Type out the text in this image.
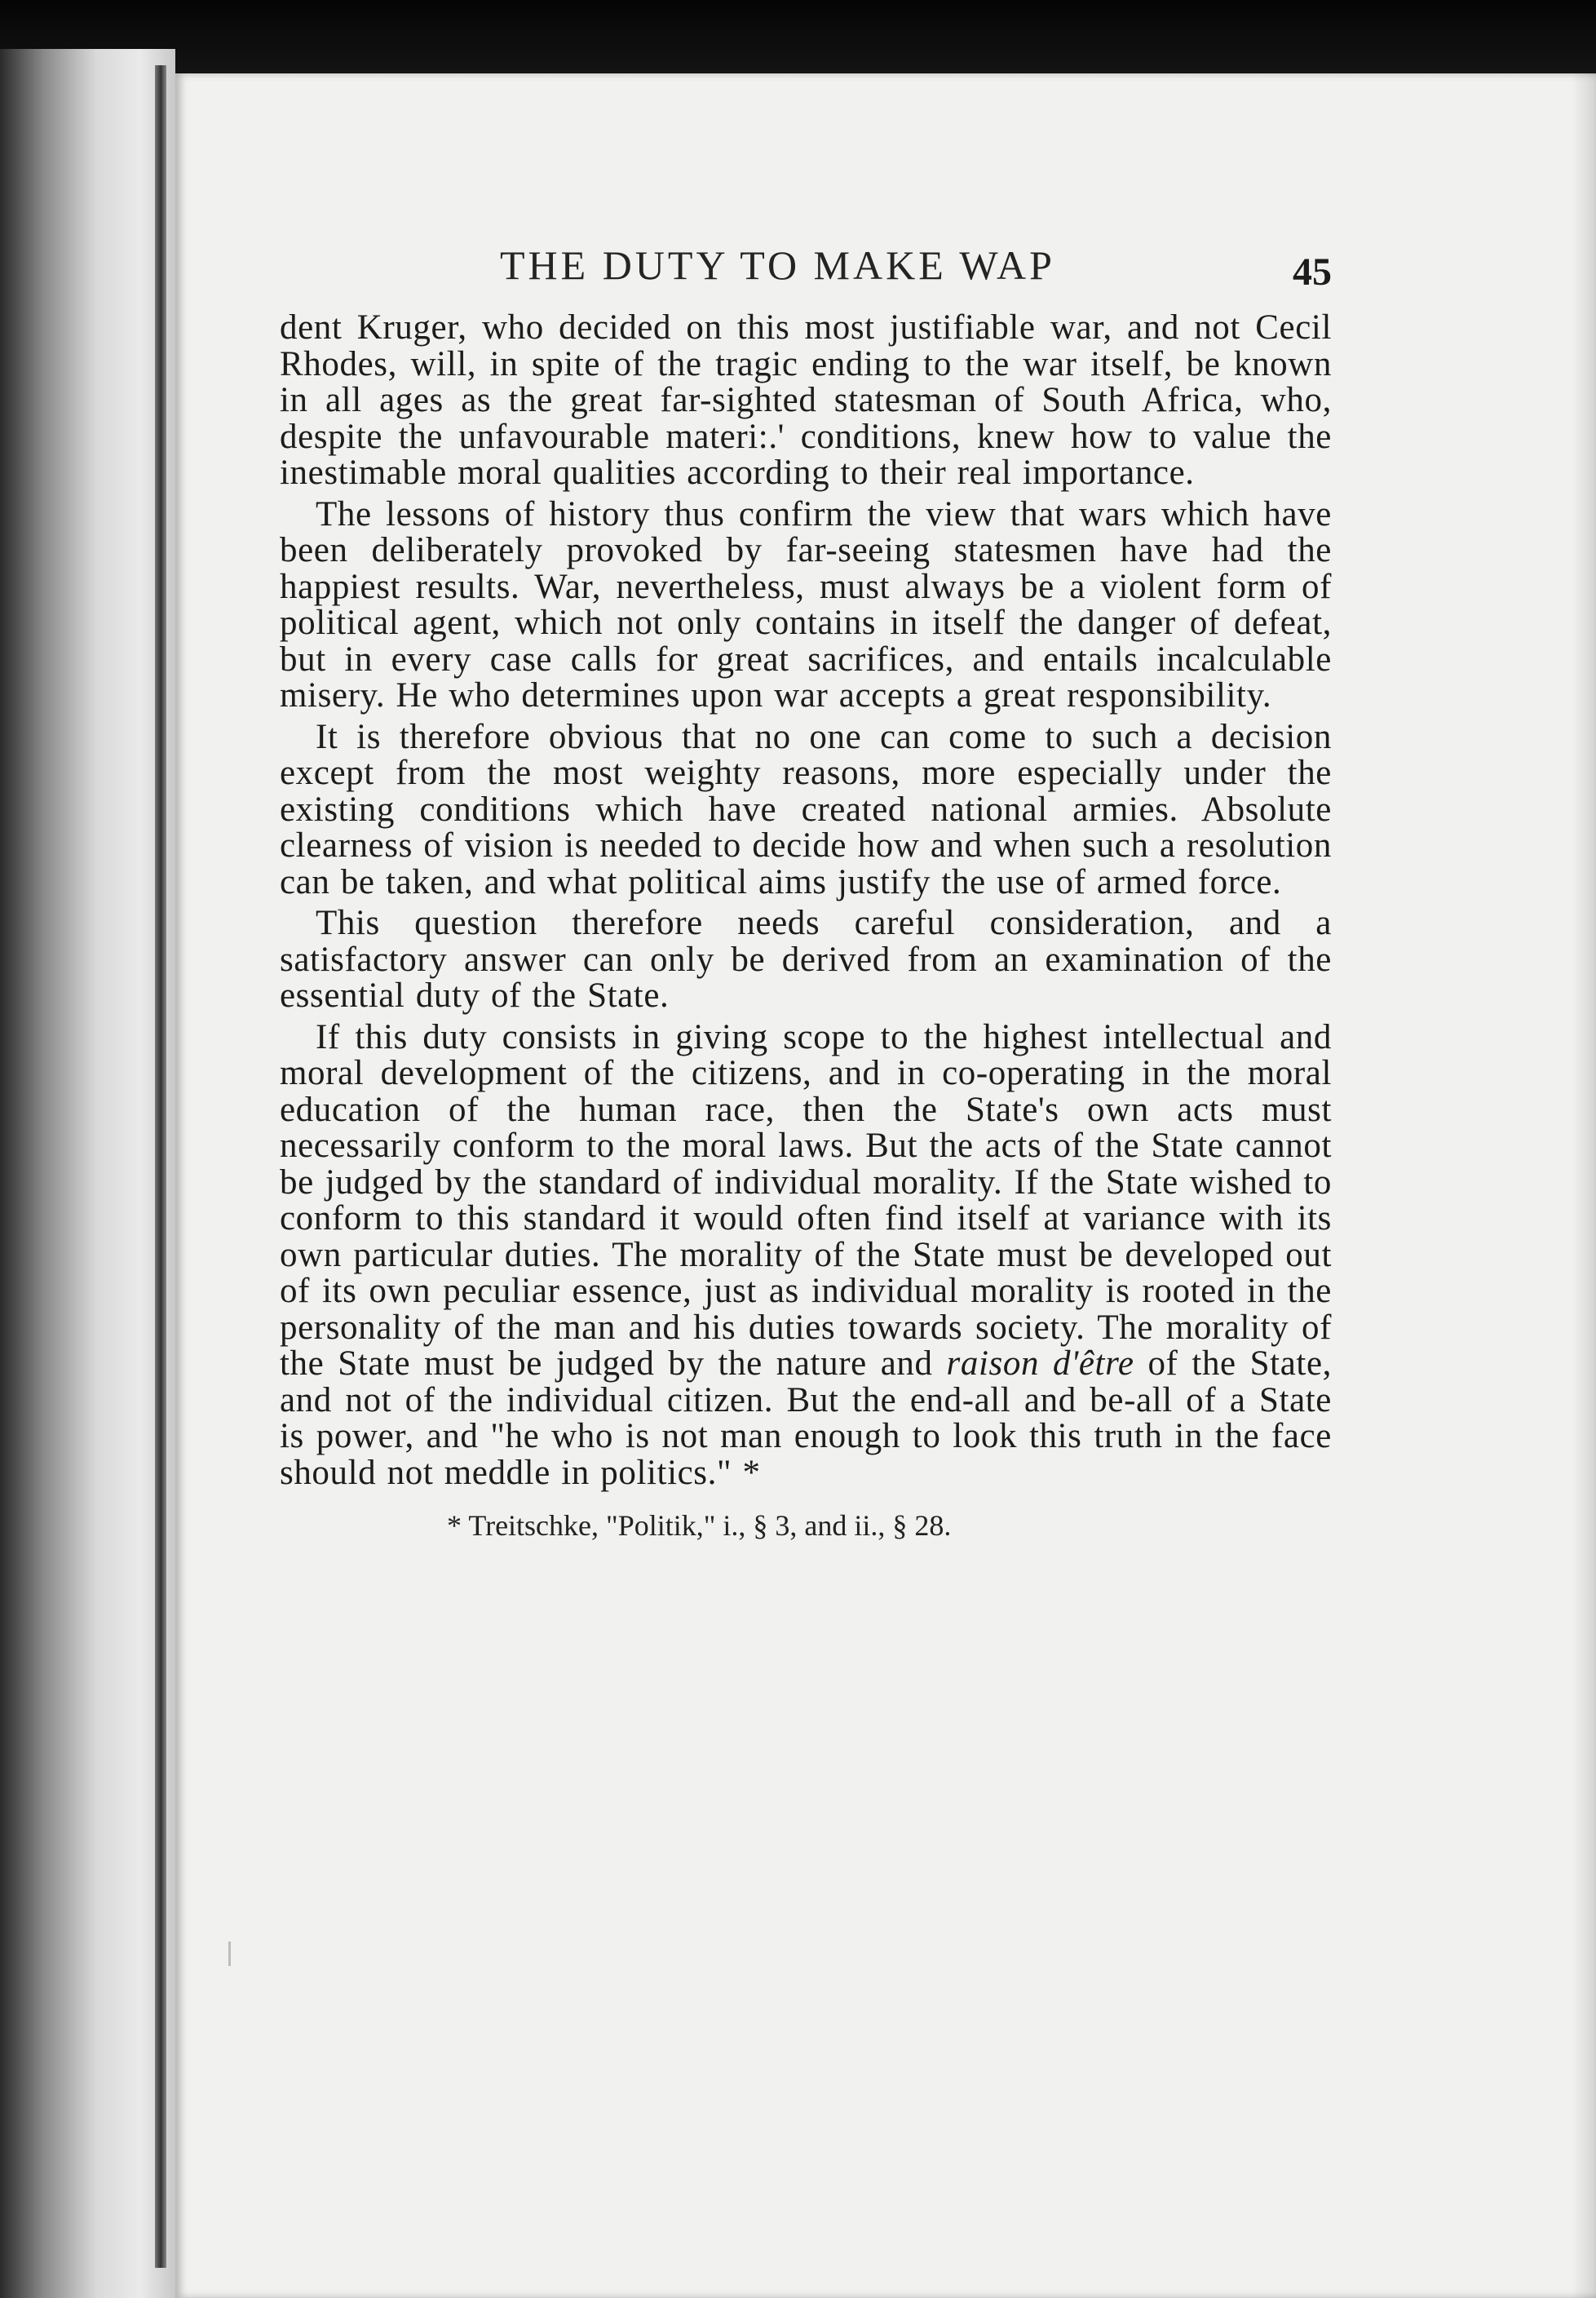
THE DUTY TO MAKE WAP	45

dent Kruger, who decided on this most justifiable war, and not Cecil Rhodes, will, in spite of the tragic ending to the war itself, be known in all ages as the great far-sighted statesman of South Africa, who, despite the unfavourable materi:.' conditions, knew how to value the inestimable moral qualities according to their real importance.

The lessons of history thus confirm the view that wars which have been deliberately provoked by far-seeing statesmen have had the happiest results. War, nevertheless, must always be a violent form of political agent, which not only contains in itself the danger of defeat, but in every case calls for great sacrifices, and entails incalculable misery. He who determines upon war accepts a great responsibility.

It is therefore obvious that no one can come to such a decision except from the most weighty reasons, more especially under the existing conditions which have created national armies. Absolute clearness of vision is needed to decide how and when such a resolution can be taken, and what political aims justify the use of armed force.

This question therefore needs careful consideration, and a satisfactory answer can only be derived from an examination of the essential duty of the State.

If this duty consists in giving scope to the highest intellectual and moral development of the citizens, and in co-operating in the moral education of the human race, then the State's own acts must necessarily conform to the moral laws. But the acts of the State cannot be judged by the standard of individual morality. If the State wished to conform to this standard it would often find itself at variance with its own particular duties. The morality of the State must be developed out of its own peculiar essence, just as individual morality is rooted in the personality of the man and his duties towards society. The morality of the State must be judged by the nature and raison d'être of the State, and not of the individual citizen. But the end-all and be-all of a State is power, and "he who is not man enough to look this truth in the face should not meddle in politics." *

* Treitschke, "Politik," i., § 3, and ii., § 28.
